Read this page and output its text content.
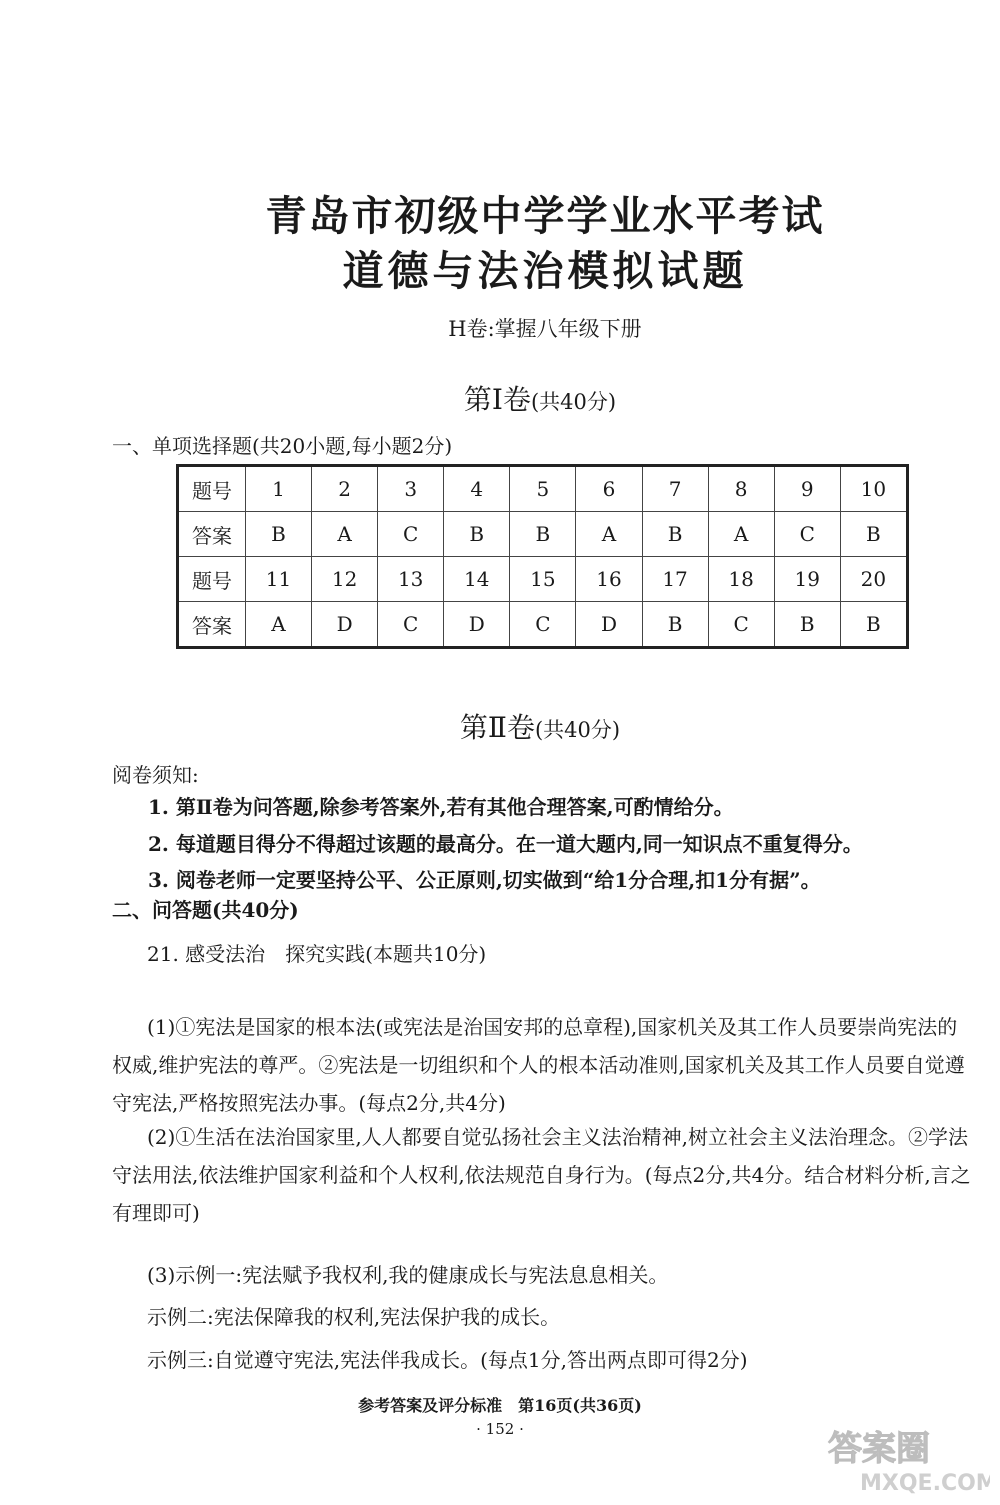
青岛市初级中学学业水平考试
道德与法治模拟试题
H卷:掌握八年级下册
第Ⅰ卷(共40分)
一、单项选择题(共20小题,每小题2分)
题号	1	2	3	4	5	6	7	8	9	10
答案	B	A	C	B	B	A	B	A	C	B
题号	11	12	13	14	15	16	17	18	19	20
答案	A	D	C	D	C	D	B	C	B	B
第Ⅱ卷(共40分)
阅卷须知:
1. 第Ⅱ卷为问答题,除参考答案外,若有其他合理答案,可酌情给分。
2. 每道题目得分不得超过该题的最高分。在一道大题内,同一知识点不重复得分。
3. 阅卷老师一定要坚持公平、公正原则,切实做到“给1分合理,扣1分有据”。
二、问答题(共40分)
21. 感受法治　探究实践(本题共10分)
(1)①宪法是国家的根本法(或宪法是治国安邦的总章程),国家机关及其工作人员要崇尚宪法的权威,维护宪法的尊严。②宪法是一切组织和个人的根本活动准则,国家机关及其工作人员要自觉遵守宪法,严格按照宪法办事。(每点2分,共4分)
(2)①生活在法治国家里,人人都要自觉弘扬社会主义法治精神,树立社会主义法治理念。②学法守法用法,依法维护国家利益和个人权利,依法规范自身行为。(每点2分,共4分。结合材料分析,言之有理即可)
(3)示例一:宪法赋予我权利,我的健康成长与宪法息息相关。
示例二:宪法保障我的权利,宪法保护我的成长。
示例三:自觉遵守宪法,宪法伴我成长。(每点1分,答出两点即可得2分)
参考答案及评分标准　第16页(共36页)
· 152 ·	答案圈
MXQE.COM
